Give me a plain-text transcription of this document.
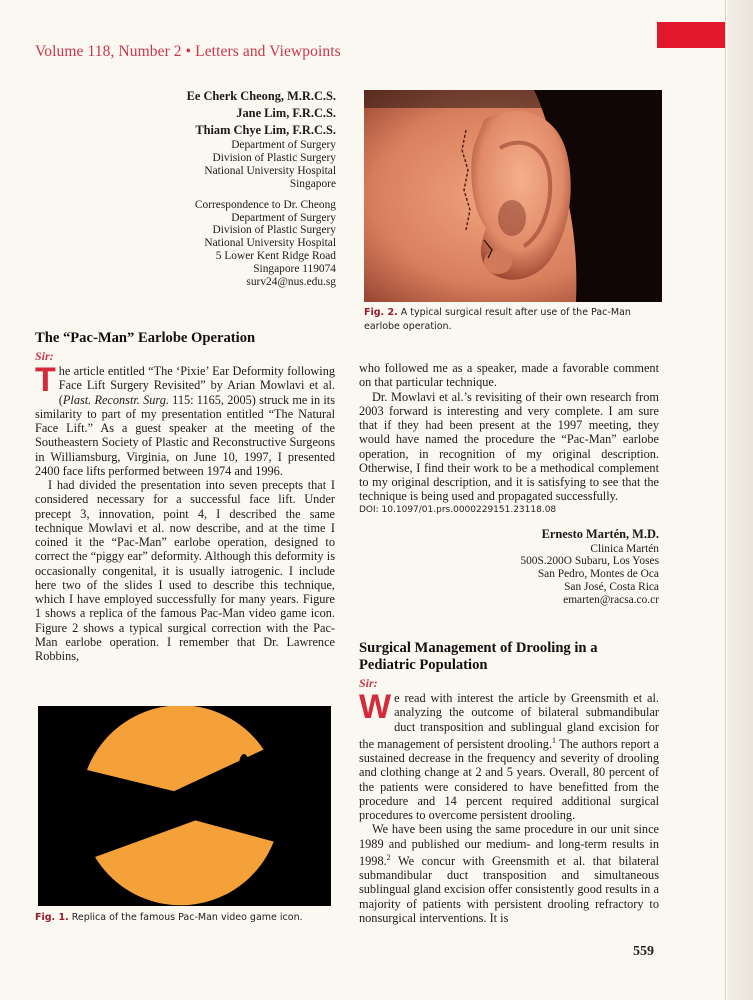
Volume 118, Number 2 • Letters and Viewpoints
Ee Cherk Cheong, M.R.C.S.
Jane Lim, F.R.C.S.
Thiam Chye Lim, F.R.C.S.
Department of Surgery
Division of Plastic Surgery
National University Hospital
Singapore
Correspondence to Dr. Cheong
Department of Surgery
Division of Plastic Surgery
National University Hospital
5 Lower Kent Ridge Road
Singapore 119074
surv24@nus.edu.sg
Fig. 2. A typical surgical result after use of the Pac-Man earlobe operation.
The “Pac-Man” Earlobe Operation
Sir:

The article entitled “The ‘Pixie’ Ear Deformity following Face Lift Surgery Revisited” by Arian Mowlavi et al. (Plast. Reconstr. Surg. 115: 1165, 2005) struck me in its similarity to part of my presentation entitled “The Natural Face Lift.” As a guest speaker at the meeting of the Southeastern Society of Plastic and Reconstructive Surgeons in Williamsburg, Virginia, on June 10, 1997, I presented 2400 face lifts performed between 1974 and 1996.

I had divided the presentation into seven precepts that I considered necessary for a successful face lift. Under precept 3, innovation, point 4, I described the same technique Mowlavi et al. now describe, and at the time I coined it the “Pac-Man” earlobe operation, designed to correct the “piggy ear” deformity. Although this deformity is occasionally congenital, it is usually iatrogenic. I include here two of the slides I used to describe this technique, which I have employed successfully for many years. Figure 1 shows a replica of the famous Pac-Man video game icon. Figure 2 shows a typical surgical correction with the Pac-Man earlobe operation. I remember that Dr. Lawrence Robbins,

Fig. 1. Replica of the famous Pac-Man video game icon.

who followed me as a speaker, made a favorable comment on that particular technique.

Dr. Mowlavi et al.’s revisiting of their own research from 2003 forward is interesting and very complete. I am sure that if they had been present at the 1997 meeting, they would have named the procedure the “Pac-Man” earlobe operation, in recognition of my original description. Otherwise, I find their work to be a methodical complement to my original description, and it is satisfying to see that the technique is being used and propagated successfully.

DOI: 10.1097/01.prs.0000229151.23118.08
Ernesto Martén, M.D.
Clinica Martén
500S.200O Subaru, Los Yoses
San Pedro, Montes de Oca
San José, Costa Rica
emarten@racsa.co.cr
Surgical Management of Drooling in a
Pediatric Population
Sir:

We read with interest the article by Greensmith et al. analyzing the outcome of bilateral submandibular duct transposition and sublingual gland excision for the management of persistent drooling.$^1$ The authors report a sustained decrease in the frequency and severity of drooling and clothing change at 2 and 5 years. Overall, 80 percent of the patients were considered to have benefitted from the procedure and 14 percent required additional surgical procedures to overcome persistent drooling.

We have been using the same procedure in our unit since 1989 and published our medium- and long-term results in 1998.$^2$ We concur with Greensmith et al. that bilateral submandibular duct transposition and simultaneous sublingual gland excision offer consistently good results in a majority of patients with persistent drooling refractory to nonsurgical interventions. It is

559
